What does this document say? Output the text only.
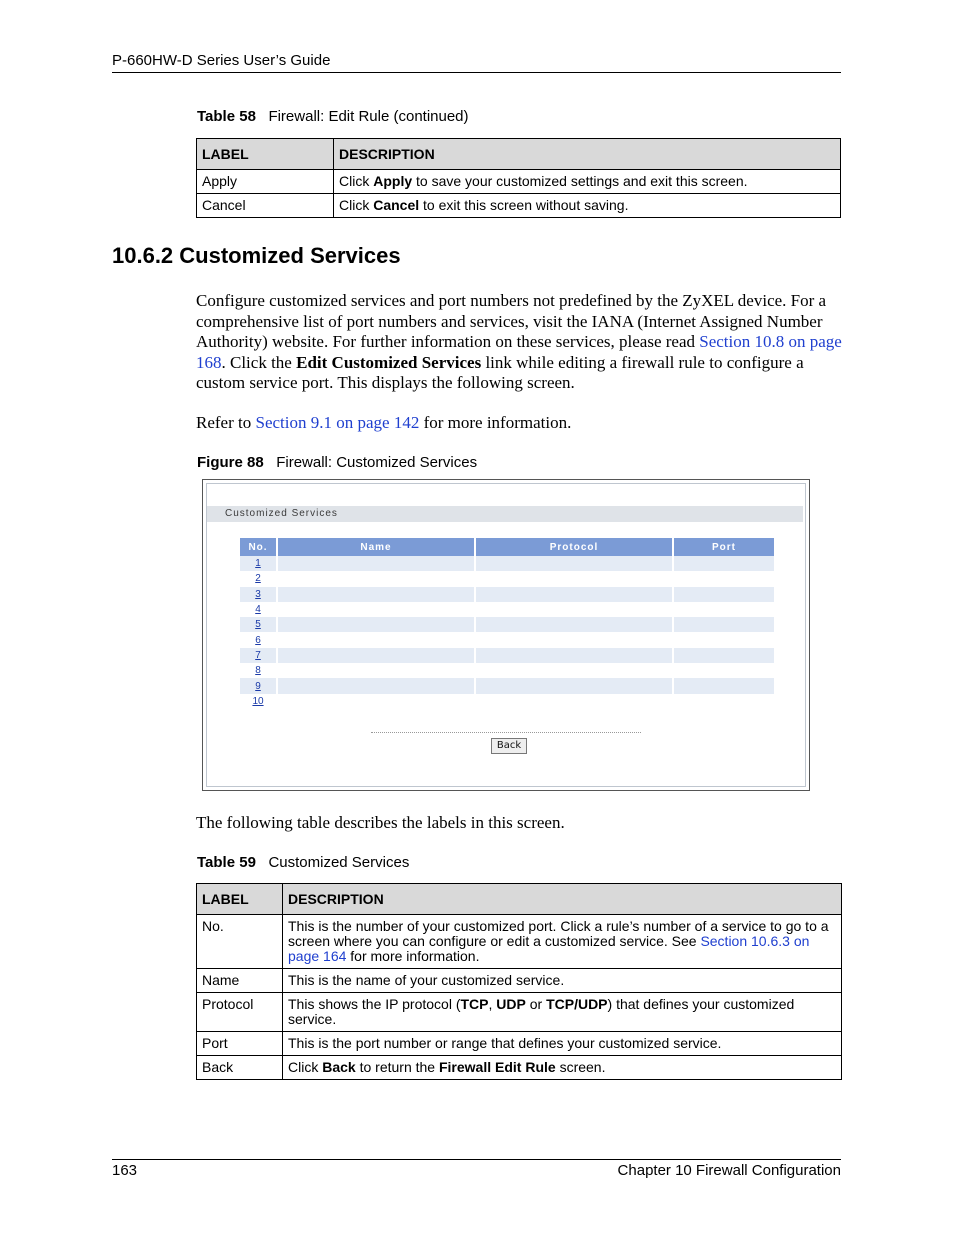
P-660HW-D Series User’s Guide
Table 58 Firewall: Edit Rule (continued)
LABEL	DESCRIPTION
Apply	Click Apply to save your customized settings and exit this screen.
Cancel	Click Cancel to exit this screen without saving.
10.6.2 Customized Services
Configure customized services and port numbers not predefined by the ZyXEL device. For a comprehensive list of port numbers and services, visit the IANA (Internet Assigned Number Authority) website. For further information on these services, please read Section 10.8 on page 168. Click the Edit Customized Services link while editing a firewall rule to configure a custom service port. This displays the following screen.
Refer to Section 9.1 on page 142 for more information.
Figure 88 Firewall: Customized Services
Customized Services
No.	Name	Protocol	Port
1			
2			
3			
4			
5			
6			
7			
8			
9			
10			
Back
The following table describes the labels in this screen.
Table 59 Customized Services
LABEL	DESCRIPTION
No.	This is the number of your customized port. Click a rule’s number of a service to go to a screen where you can configure or edit a customized service. See Section 10.6.3 on page 164 for more information.
Name	This is the name of your customized service.
Protocol	This shows the IP protocol (TCP, UDP or TCP/UDP) that defines your customized service.
Port	This is the port number or range that defines your customized service.
Back	Click Back to return the Firewall Edit Rule screen.
163	Chapter 10 Firewall Configuration
